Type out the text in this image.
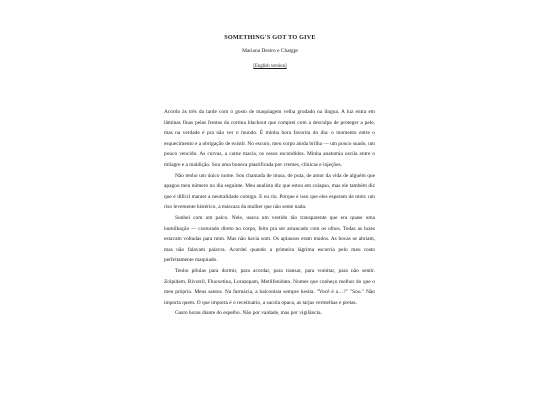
SOMETHING'S GOT TO GIVE
Mariana Destro e Chatgpt
[English version]

Acordo às três da tarde com o gosto de maquiagem velha grudado na língua. A luz entra em lâminas finas pelas frestas da cortina blackout que comprei com a desculpa de proteger a pele, mas na verdade é pra não ver o mundo. É minha hora favorita do dia: o momento entre o esquecimento e a obrigação de existir. No escuro, meu corpo ainda brilha — um pouco suado, um pouco vencido. As curvas, a carne macia, os ossos escondidos. Minha anatomia oscila entre o milagre e a maldição. Sou uma boneca plastificada por cremes, clínicas e injeções.

Não tenho um único nome. Sou chamada de musa, de puta, de amor da vida de alguém que apagou meu número no dia seguinte. Meu analista diz que estou em colapso, mas ele também diz que é difícil manter a neutralidade comigo. E eu rio. Porque é isso que eles esperam de mim: um riso levemente histérico, a máscara da mulher que não sente nada.

Sonhei com um palco. Nele, usava um vestido tão transparente que era quase uma humilhação — costurado direto no corpo, feito pra ser arrancado com os olhos. Todas as luzes estavam voltadas para mim. Mas não havia som. Os aplausos eram mudos. As bocas se abriam, mas não falavam palavra. Acordei quando a primeira lágrima escorria pelo meu rosto perfeitamente maquiado.

Tenho pílulas para dormir, para acordar, para transar, para vomitar, para não sentir. Zolpidem, Rivotril, Fluoxetina, Lorazepam, Metilfenidato. Nomes que conheço melhor do que o meu próprio. Meus santos. Na farmácia, a balconista sempre hesita. "Você é a…?" "Sou." Não importa quem. O que importa é o receituário, a sacola opaca, as tarjas vermelhas e pretas.

Gasto horas diante do espelho. Não por vaidade, mas por vigilância.
